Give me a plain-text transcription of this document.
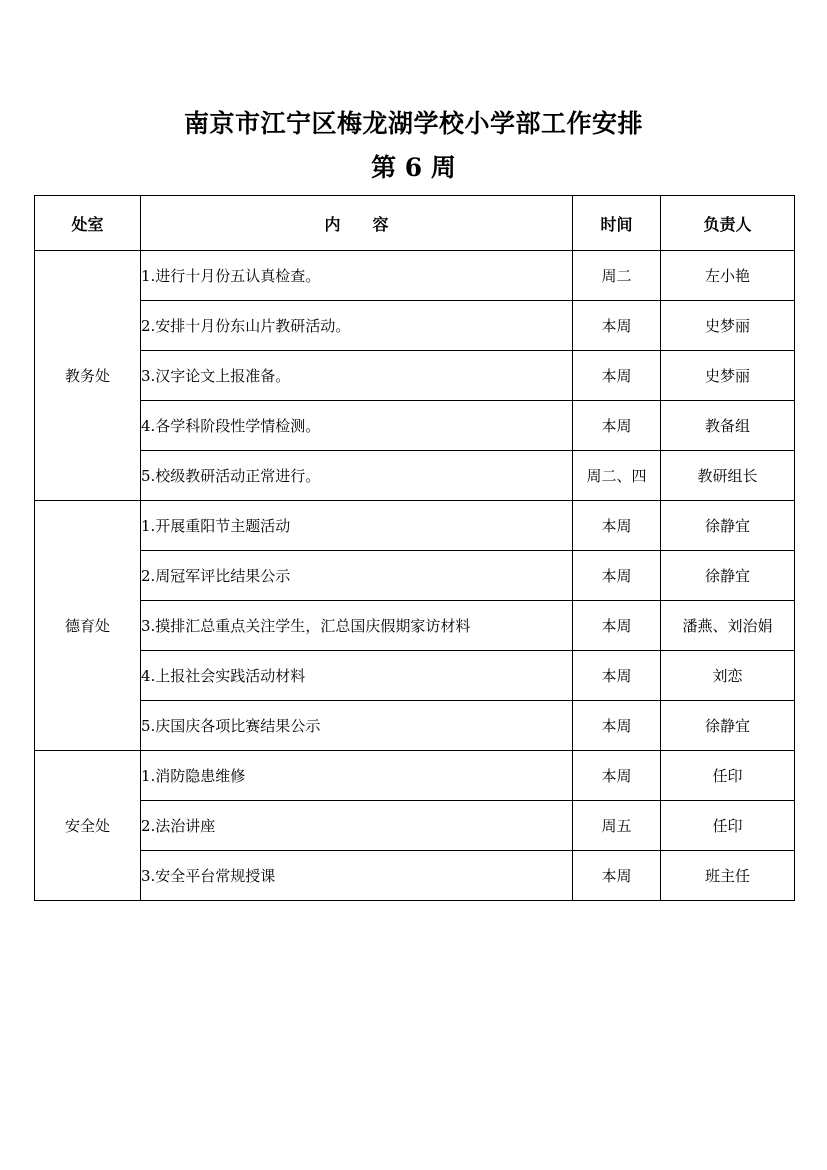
南京市江宁区梅龙湖学校小学部工作安排
第 6 周
处室	内　　容	时间	负责人
教务处	1.进行十月份五认真检查。	周二	左小艳
	2.安排十月份东山片教研活动。	本周	史梦丽
	3.汉字论文上报准备。	本周	史梦丽
	4.各学科阶段性学情检测。	本周	教备组
	5.校级教研活动正常进行。	周二、四	教研组长
德育处	1.开展重阳节主题活动	本周	徐静宜
	2.周冠军评比结果公示	本周	徐静宜
	3.摸排汇总重点关注学生，汇总国庆假期家访材料	本周	潘燕、刘治娟
	4.上报社会实践活动材料	本周	刘恋
	5.庆国庆各项比赛结果公示	本周	徐静宜
安全处	1.消防隐患维修	本周	任印
	2.法治讲座	周五	任印
	3.安全平台常规授课	本周	班主任
